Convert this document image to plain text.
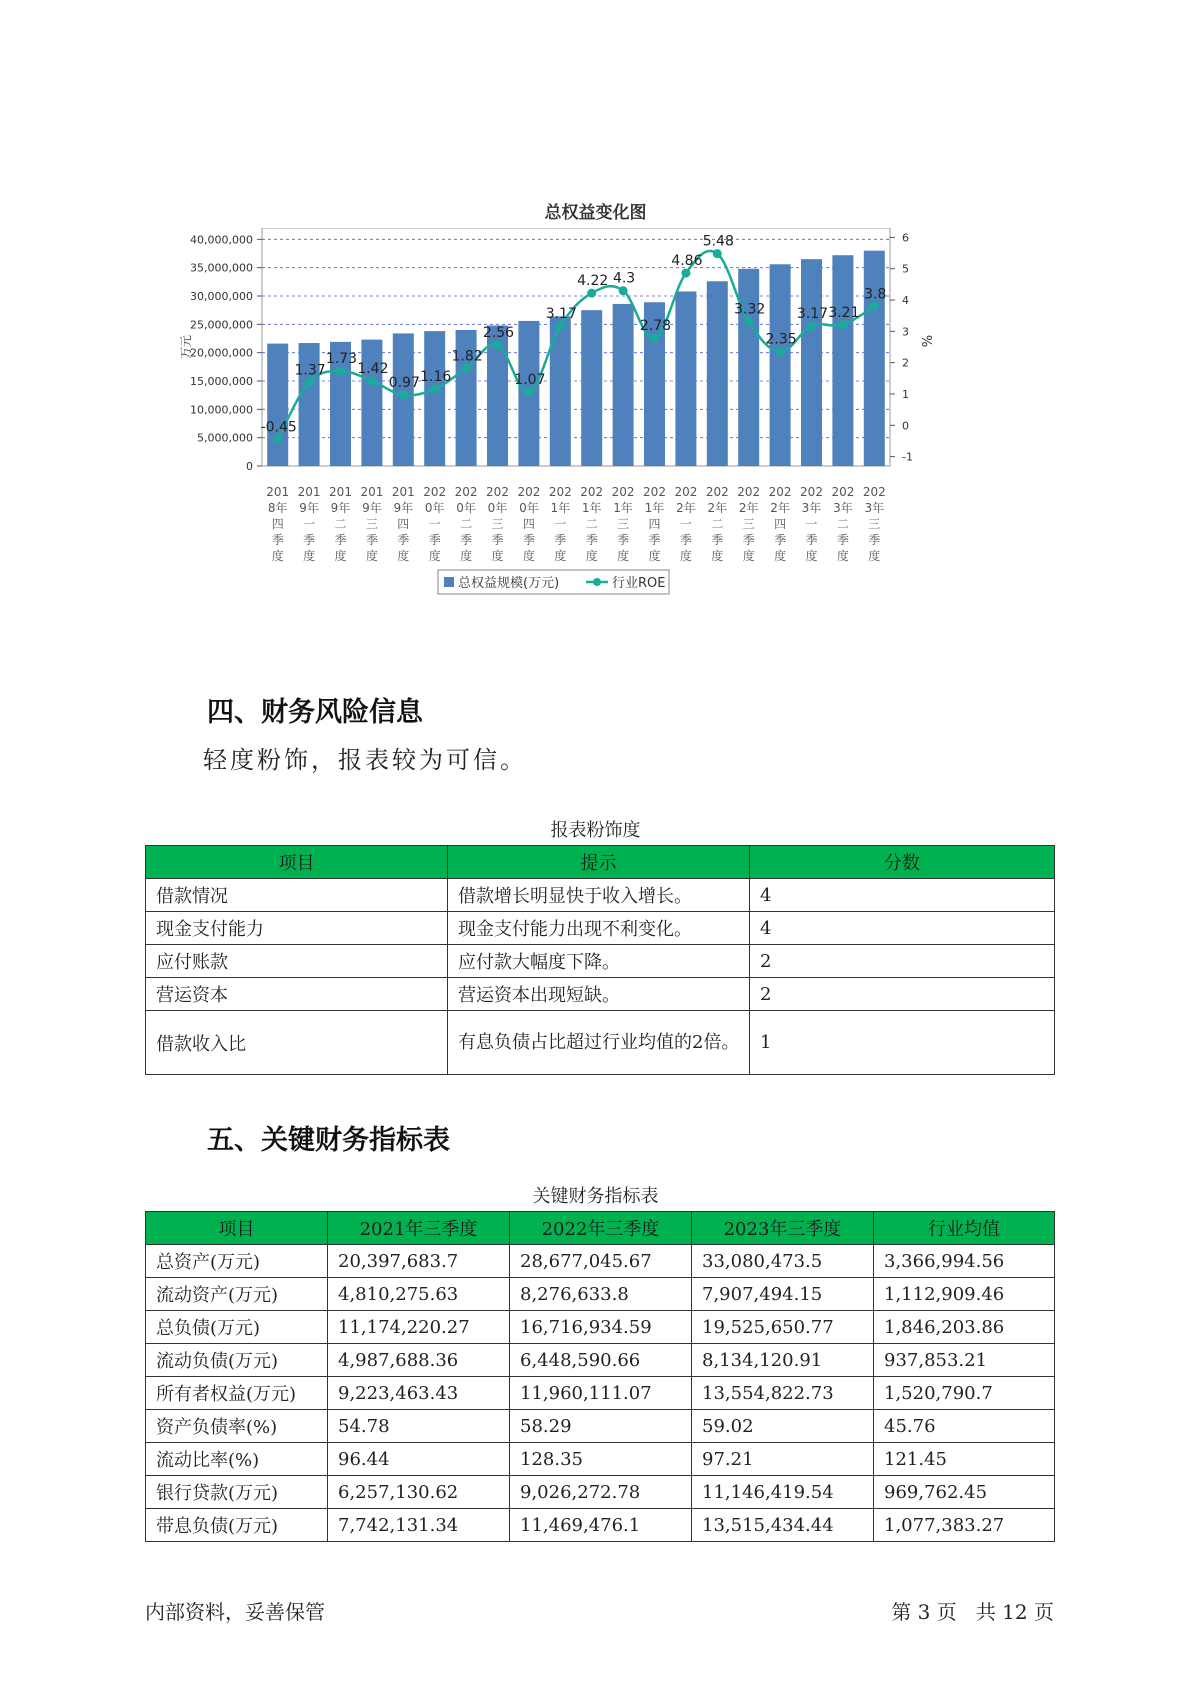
总权益变化图
0
5,000,000
10,000,000
15,000,000
20,000,000
25,000,000
30,000,000
35,000,000
40,000,000
-1
0
1
2
3
4
5
6
万元	%
-0.45
1.37
1.73
1.42
0.97 1.16
1.82
2.56
1.07
3.17
4.22 4.3
2.78
4.86
5.48
3.32
2.35
3.17 3.21
3.8
201
8年
四
季
度
201
9年
一
季
度
201
9年
二
季
度
201
9年
三
季
度
201
9年
四
季
度
202
0年
一
季
度
202
0年
二
季
度
202
0年
三
季
度
202
0年
四
季
度
202
1年
一
季
度
202
1年
二
季
度
202
1年
三
季
度
202
1年
四
季
度
202
2年
一
季
度
202
2年
二
季
度
202
2年
三
季
度
202
2年
四
季
度
202
3年
一
季
度
202
3年
二
季
度
202
3年
三
季
度
总权益规模(万元)	行业ROE
四、财务风险信息
轻度粉饰，报表较为可信。
报表粉饰度
项目	提示	分数
借款情况	借款增长明显快于收入增长。	4
现金支付能力	现金支付能力出现不利变化。	4
应付账款	应付款大幅度下降。	2
营运资本	营运资本出现短缺。	2
借款收入比	有息负债占比超过行业均值的2倍。	1
五、关键财务指标表
关键财务指标表
项目	2021年三季度	2022年三季度	2023年三季度	行业均值
总资产(万元)	20,397,683.7	28,677,045.67	33,080,473.5	3,366,994.56
流动资产(万元)	4,810,275.63	8,276,633.8	7,907,494.15	1,112,909.46
总负债(万元)	11,174,220.27	16,716,934.59	19,525,650.77	1,846,203.86
流动负债(万元)	4,987,688.36	6,448,590.66	8,134,120.91	937,853.21
所有者权益(万元)	9,223,463.43	11,960,111.07	13,554,822.73	1,520,790.7
资产负债率(%)	54.78	58.29	59.02	45.76
流动比率(%)	96.44	128.35	97.21	121.45
银行贷款(万元)	6,257,130.62	9,026,272.78	11,146,419.54	969,762.45
带息负债(万元)	7,742,131.34	11,469,476.1	13,515,434.44	1,077,383.27
内部资料，妥善保管	第 3 页   共 12 页
